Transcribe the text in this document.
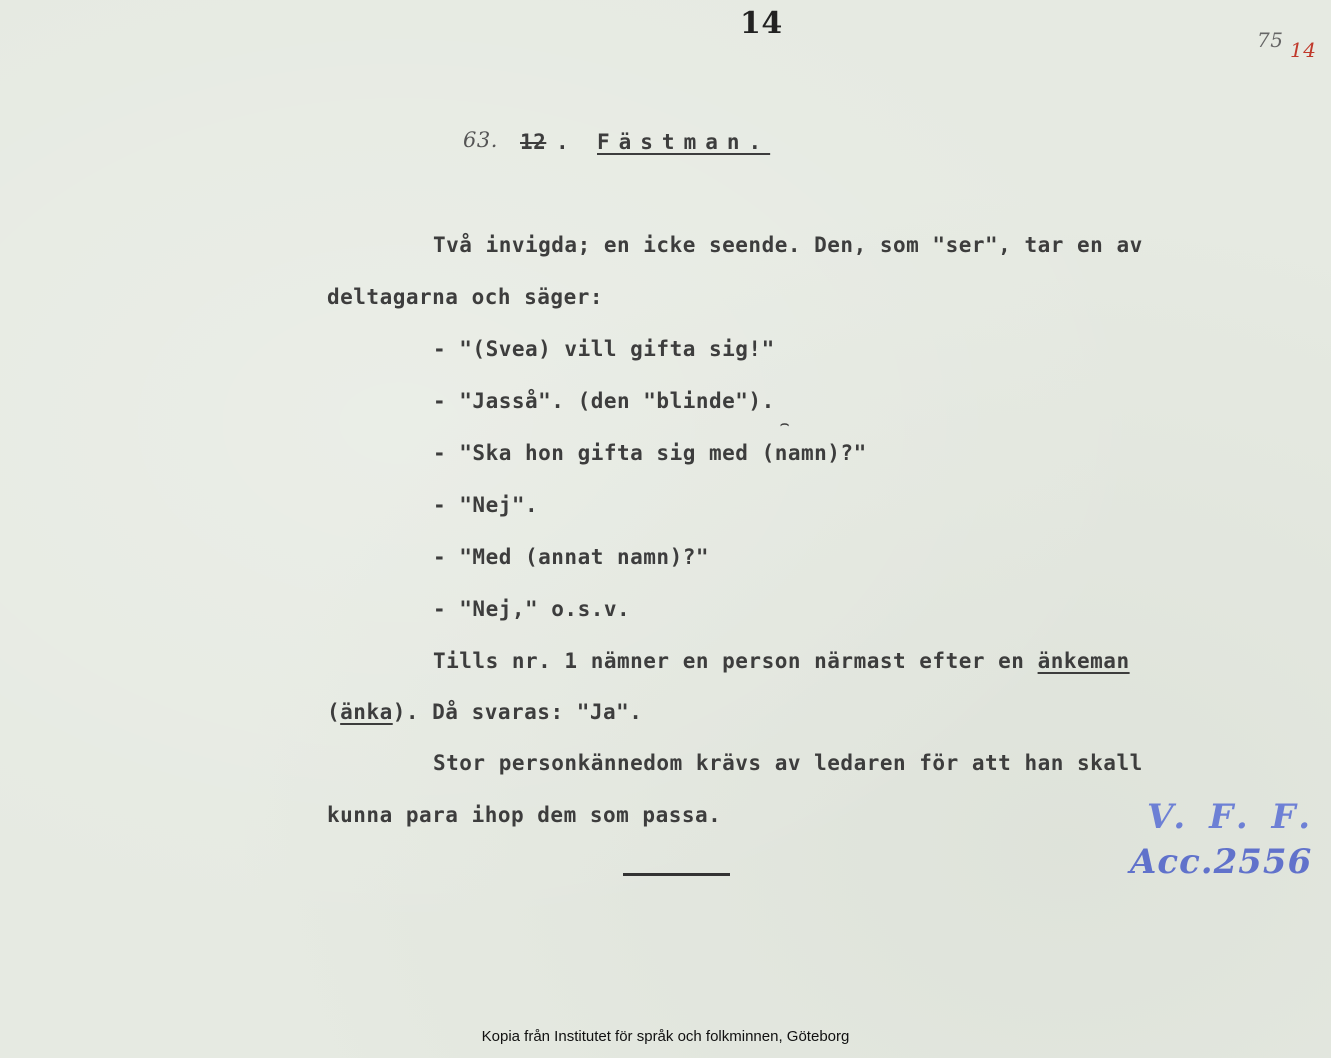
14	75 14
63. 12 . Fästman.
Två invigda; en icke seende. Den, som "ser", tar en av
deltagarna och säger:
- "(Svea) vill gifta sig!"
- "Jasså". (den "blinde").
⌢
- "Ska hon gifta sig med (namn)?"
- "Nej".
- "Med (annat namn)?"
- "Nej," o.s.v.
Tills nr. 1 nämner en person närmast efter en änkeman
(änka). Då svaras: "Ja".
Stor personkännedom krävs av ledaren för att han skall
kunna para ihop dem som passa.	V. F. F.
Acc.2556
Kopia från Institutet för språk och folkminnen, Göteborg
